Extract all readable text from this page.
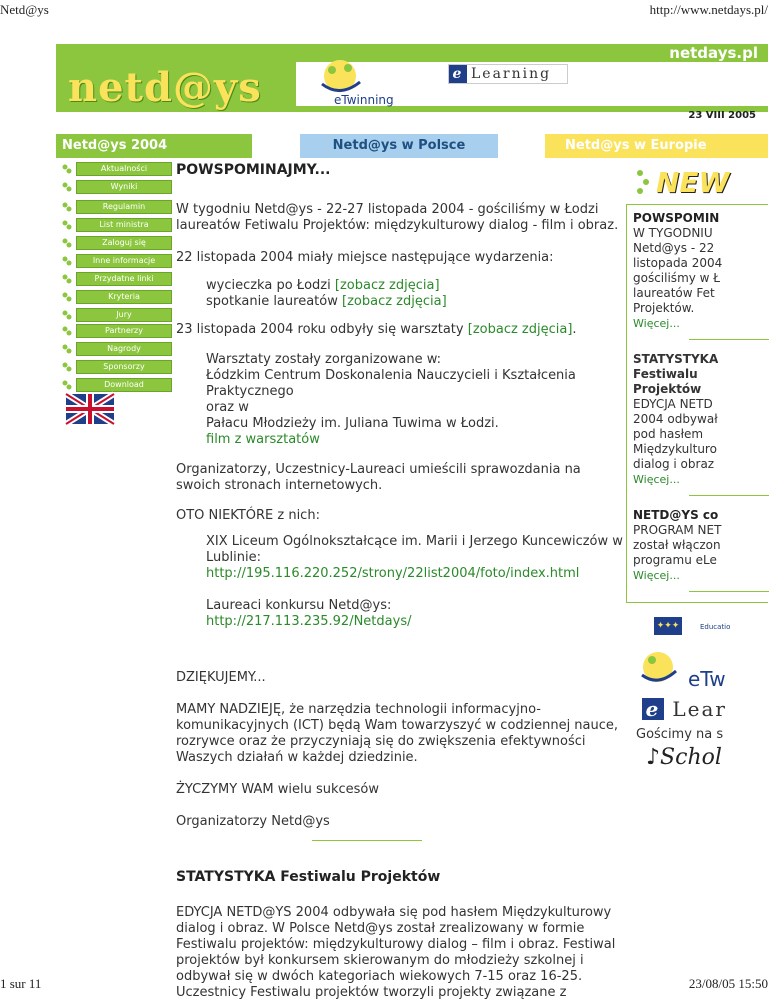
Netd@ys	http://www.netdays.pl/
netdays.pl
netd@ys	eTwinning
e Learning
23 VIII 2005
Netd@ys 2004	Netd@ys w Polsce	Netd@ys w Europie
Aktualności
Wyniki
Regulamin
List ministra
Zaloguj się
Inne informacje
Przydatne linki
Kryteria
Jury
Partnerzy
Nagrody
Sponsorzy
Download

POWSPOMINAJMY...

W tygodniu Netd@ys - 22-27 listopada 2004 - gościliśmy w Łodzi laureatów Fetiwalu Projektów: międzykulturowy dialog - film i obraz.

22 listopada 2004 miały miejsce następujące wydarzenia:

wycieczka po Łodzi [zobacz zdjęcia]

spotkanie laureatów [zobacz zdjęcia]

23 listopada 2004 roku odbyły się warsztaty [zobacz zdjęcia].

Warsztaty zostały zorganizowane w:

Łódzkim Centrum Doskonalenia Nauczycieli i Kształcenia Praktycznego

oraz w

Pałacu Młodzieży im. Juliana Tuwima w Łodzi.

film z warsztatów

Organizatorzy, Uczestnicy-Laureaci umieścili sprawozdania na swoich stronach internetowych.

OTO NIEKTÓRE z nich:

XIX Liceum Ogólnokształcące im. Marii i Jerzego Kuncewiczów w Lublinie:

http://195.116.220.252/strony/22list2004/foto/index.html

Laureaci konkursu Netd@ys:

http://217.113.235.92/Netdays/

DZIĘKUJEMY...

MAMY NADZIEJĘ, że narzędzia technologii informacyjno-komunikacyjnych (ICT) będą Wam towarzyszyć w codziennej nauce, rozrywce oraz że przyczyniają się do zwiększenia efektywności Waszych działań w każdej dziedzinie.

ŻYCZYMY WAM wielu sukcesów

Organizatorzy Netd@ys

STATYSTYKA Festiwalu Projektów

EDYCJA NETD@YS 2004 odbywała się pod hasłem Międzykulturowy dialog i obraz. W Polsce Netd@ys został zrealizowany w formie Festiwalu projektów: międzykulturowy dialog – film i obraz. Festiwal projektów był konkursem skierowanym do młodzieży szkolnej i odbywał się w dwóch kategoriach wiekowych 7-15 oraz 16-25. Uczestnicy Festiwalu projektów tworzyli projekty związane z

NEW
POWSPOMIN
W TYGODNIU
Netd@ys - 22
listopada 2004
gościliśmy w Ł
laureatów Fet
Projektów.
Więcej...
STATYSTYKA
Festiwalu
Projektów
EDYCJA NETD
2004 odbywał
pod hasłem
Międzykulturo
dialog i obraz
Więcej...
NETD@YS co
PROGRAM NET
został włączon
programu eLe
Więcej...
✦✦✦	Educatio
eTw
e Lear
Gościmy na s
♪Schol
1 sur 11	23/08/05 15:50
